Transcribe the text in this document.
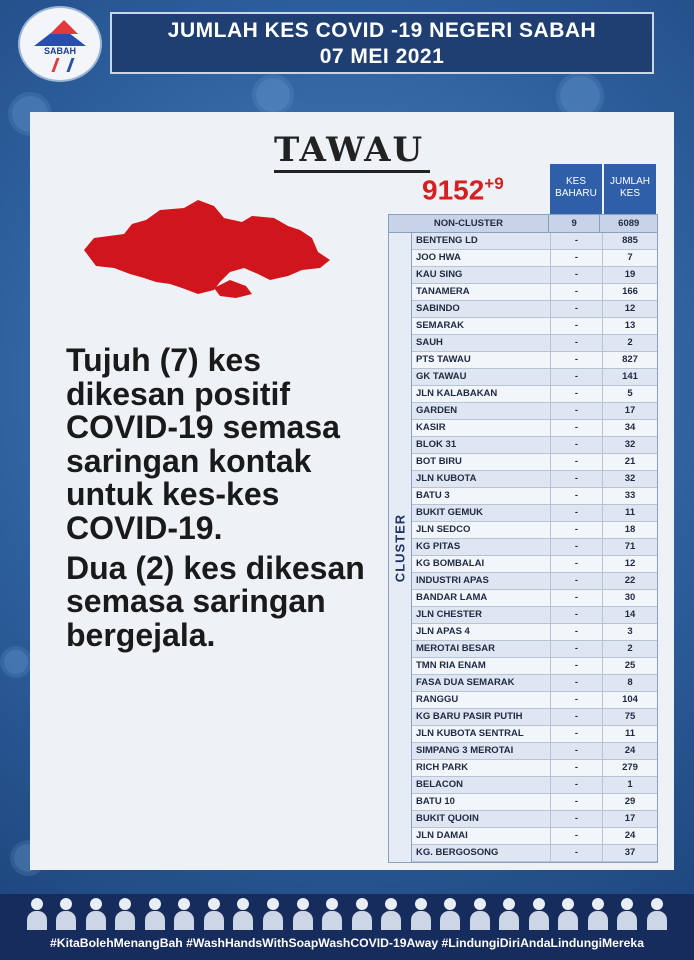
SABAH
JUMLAH KES COVID -19 NEGERI SABAH
07 MEI 2021
TAWAU
$9152^{+9}$	KES BAHARU
JUMLAH KES
NON-CLUSTER	9	6089
CLUSTER
BENTENG LD	-	885
JOO HWA	-	7
KAU SING	-	19
TANAMERA	-	166
SABINDO	-	12
SEMARAK	-	13
SAUH	-	2
PTS TAWAU	-	827
GK TAWAU	-	141
JLN KALABAKAN	-	5
GARDEN	-	17
KASIR	-	34
BLOK 31	-	32
BOT BIRU	-	21
JLN KUBOTA	-	32
BATU 3	-	33
BUKIT GEMUK	-	11
JLN SEDCO	-	18
KG PITAS	-	71
KG BOMBALAI	-	12
INDUSTRI APAS	-	22
BANDAR LAMA	-	30
JLN CHESTER	-	14
JLN APAS 4	-	3
MEROTAI BESAR	-	2
TMN RIA ENAM	-	25
FASA DUA SEMARAK	-	8
RANGGU	-	104
KG BARU PASIR PUTIH	-	75
JLN KUBOTA SENTRAL	-	11
SIMPANG 3 MEROTAI	-	24
RICH PARK	-	279
BELACON	-	1
BATU 10	-	29
BUKIT QUOIN	-	17
JLN DAMAI	-	24
KG. BERGOSONG	-	37

Tujuh (7) kes dikesan positif COVID-19 semasa saringan kontak untuk kes-kes COVID-19.

Dua (2) kes dikesan semasa saringan bergejala.

#KitaBolehMenangBah #WashHandsWithSoapWashCOVID-19Away #LindungiDiriAndaLindungiMereka
